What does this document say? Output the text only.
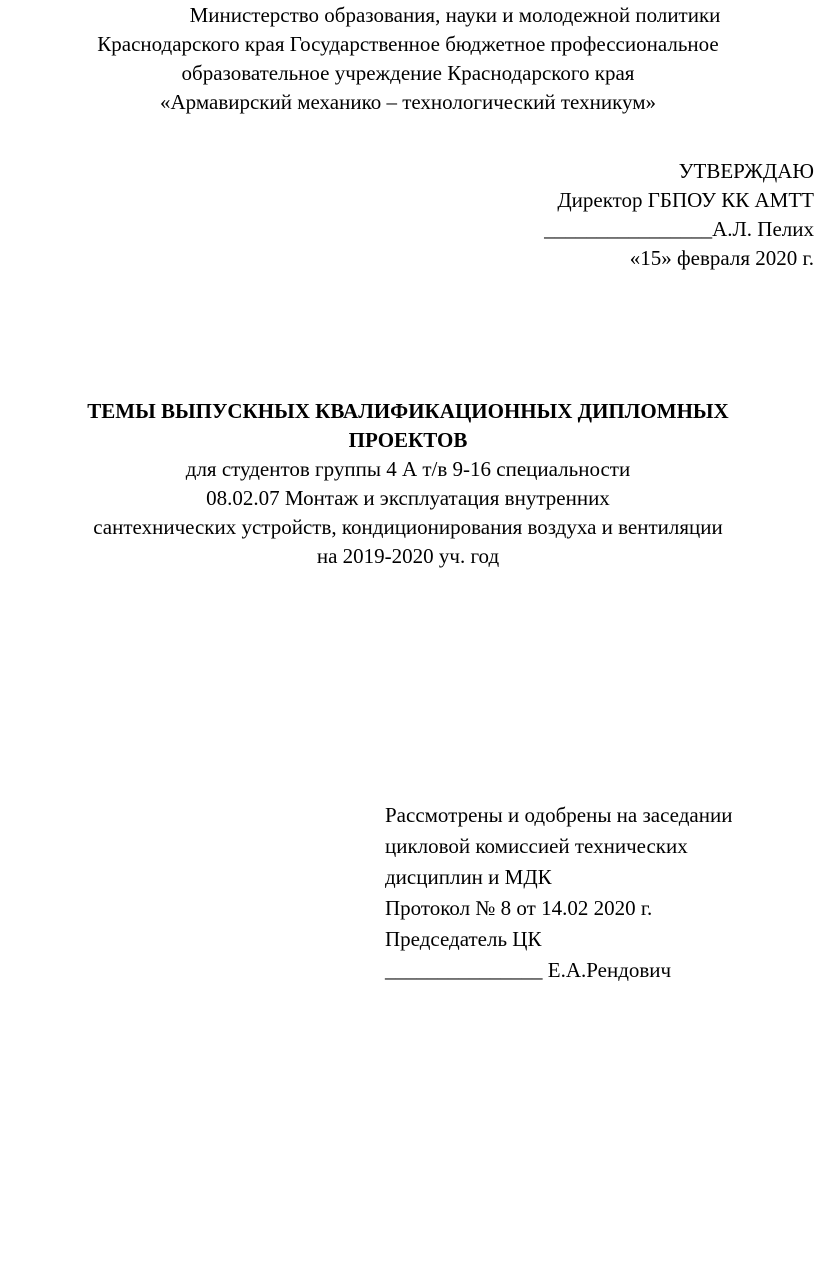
Министерство образования, науки и молодежной политики
Краснодарского края Государственное бюджетное профессиональное
образовательное учреждение Краснодарского края
«Армавирский механико – технологический техникум»
УТВЕРЖДАЮ
Директор ГБПОУ КК АМТТ
________________А.Л. Пелих
«15» февраля 2020 г.
ТЕМЫ ВЫПУСКНЫХ КВАЛИФИКАЦИОННЫХ ДИПЛОМНЫХ
ПРОЕКТОВ
для студентов группы 4 А т/в 9-16 специальности
08.02.07 Монтаж и эксплуатация внутренних
сантехнических устройств, кондиционирования воздуха и вентиляции
на 2019-2020 уч. год
Рассмотрены и одобрены на заседании
цикловой комиссией технических
дисциплин и МДК
Протокол № 8 от 14.02 2020 г.
Председатель ЦК
_______________ Е.А.Рендович
